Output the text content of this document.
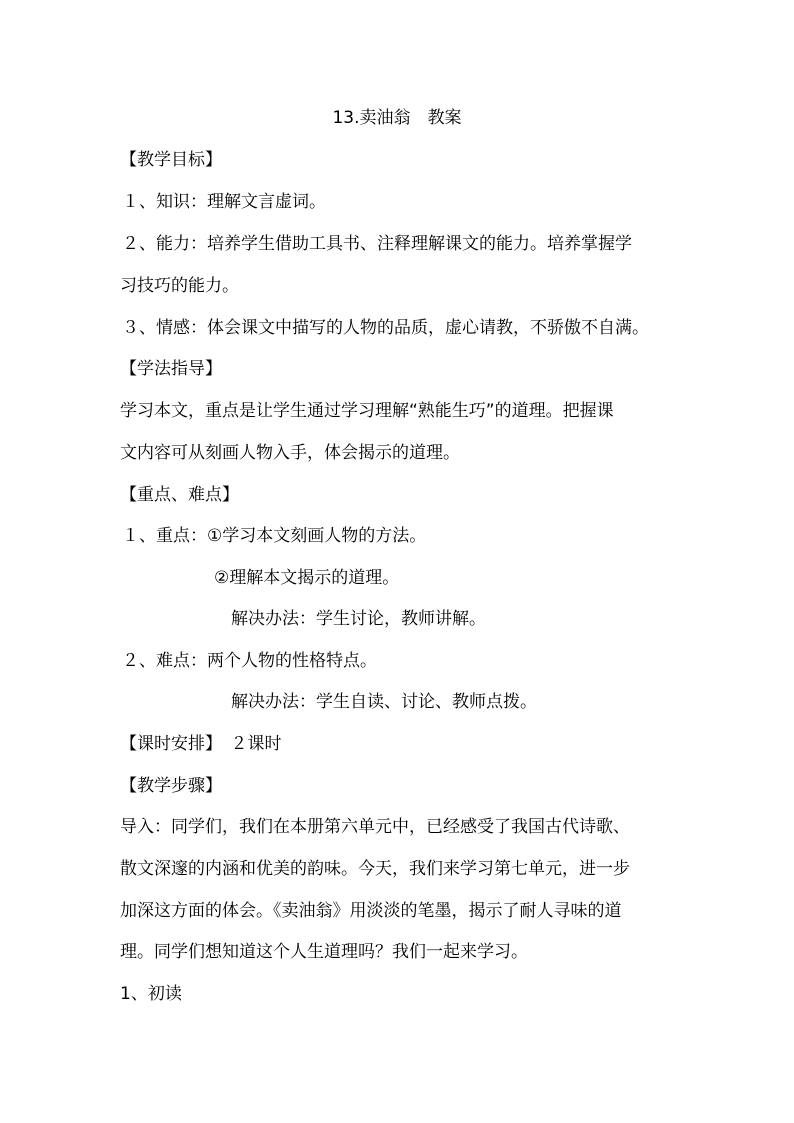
13.卖油翁　教案

【教学目标】

１、知识：理解文言虚词。

２、能力：培养学生借助工具书、注释理解课文的能力。培养掌握学

习技巧的能力。

３、情感：体会课文中描写的人物的品质，虚心请教，不骄傲不自满。

【学法指导】

学习本文，重点是让学生通过学习理解“熟能生巧”的道理。把握课

文内容可从刻画人物入手，体会揭示的道理。

【重点、难点】

１、重点：①学习本文刻画人物的方法。

②理解本文揭示的道理。

解决办法：学生讨论，教师讲解。

２、难点：两个人物的性格特点。

解决办法：学生自读、讨论、教师点拨。

【课时安排】　２课时

【教学步骤】

导入：同学们，我们在本册第六单元中，已经感受了我国古代诗歌、

散文深邃的内涵和优美的韵味。今天，我们来学习第七单元，进一步

加深这方面的体会。《卖油翁》用淡淡的笔墨，揭示了耐人寻味的道

理。同学们想知道这个人生道理吗？我们一起来学习。

1、初读
